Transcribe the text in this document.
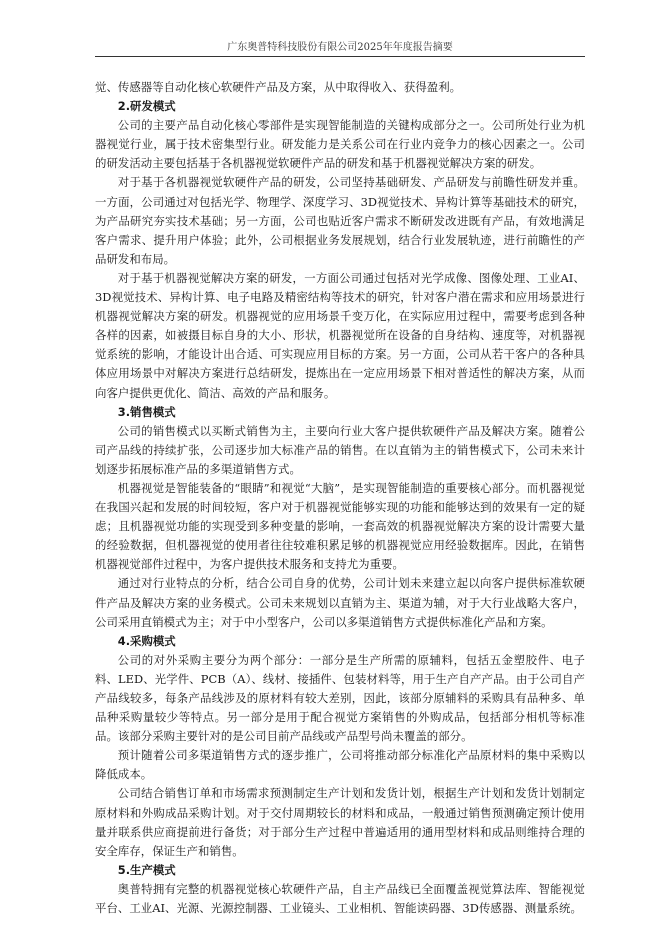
广东奥普特科技股份有限公司2025年年度报告摘要

觉、传感器等自动化核心软硬件产品及方案，从中取得收入、获得盈利。

2.研发模式

公司的主要产品自动化核心零部件是实现智能制造的关键构成部分之一。公司所处行业为机器视觉行业，属于技术密集型行业。研发能力是关系公司在行业内竞争力的核心因素之一。公司的研发活动主要包括基于各机器视觉软硬件产品的研发和基于机器视觉解决方案的研发。

对于基于各机器视觉软硬件产品的研发，公司坚持基础研发、产品研发与前瞻性研发并重。一方面，公司通过对包括光学、物理学、深度学习、3D视觉技术、异构计算等基础技术的研究，为产品研究夯实技术基础；另一方面，公司也贴近客户需求不断研发改进既有产品，有效地满足客户需求、提升用户体验；此外，公司根据业务发展规划，结合行业发展轨迹，进行前瞻性的产品研发和布局。

对于基于机器视觉解决方案的研发，一方面公司通过包括对光学成像、图像处理、工业AI、3D视觉技术、异构计算、电子电路及精密结构等技术的研究，针对客户潜在需求和应用场景进行机器视觉解决方案的研发。机器视觉的应用场景千变万化，在实际应用过程中，需要考虑到各种各样的因素，如被摄目标自身的大小、形状，机器视觉所在设备的自身结构、速度等，对机器视觉系统的影响，才能设计出合适、可实现应用目标的方案。另一方面，公司从若干客户的各种具体应用场景中对解决方案进行总结研发，提炼出在一定应用场景下相对普适性的解决方案，从而向客户提供更优化、简洁、高效的产品和服务。

3.销售模式

公司的销售模式以买断式销售为主，主要向行业大客户提供软硬件产品及解决方案。随着公司产品线的持续扩张，公司逐步加大标准产品的销售。在以直销为主的销售模式下，公司未来计划逐步拓展标准产品的多渠道销售方式。

机器视觉是智能装备的“眼睛”和视觉“大脑”，是实现智能制造的重要核心部分。而机器视觉在我国兴起和发展的时间较短，客户对于机器视觉能够实现的功能和能够达到的效果有一定的疑虑；且机器视觉功能的实现受到多种变量的影响，一套高效的机器视觉解决方案的设计需要大量的经验数据，但机器视觉的使用者往往较难积累足够的机器视觉应用经验数据库。因此，在销售机器视觉部件过程中，为客户提供技术服务和支持尤为重要。

通过对行业特点的分析，结合公司自身的优势，公司计划未来建立起以向客户提供标准软硬件产品及解决方案的业务模式。公司未来规划以直销为主、渠道为辅，对于大行业战略大客户，公司采用直销模式为主；对于中小型客户，公司以多渠道销售方式提供标准化产品和方案。

4.采购模式

公司的对外采购主要分为两个部分：一部分是生产所需的原辅料，包括五金塑胶件、电子料、LED、光学件、PCB（A）、线材、接插件、包装材料等，用于生产自产产品。由于公司自产产品线较多，每条产品线涉及的原材料有较大差别，因此，该部分原辅料的采购具有品种多、单品种采购量较少等特点。另一部分是用于配合视觉方案销售的外购成品，包括部分相机等标准品。该部分采购主要针对的是公司目前产品线或产品型号尚未覆盖的部分。

预计随着公司多渠道销售方式的逐步推广，公司将推动部分标准化产品原材料的集中采购以降低成本。

公司结合销售订单和市场需求预测制定生产计划和发货计划，根据生产计划和发货计划制定原材料和外购成品采购计划。对于交付周期较长的材料和成品，一般通过销售预测确定预计使用量并联系供应商提前进行备货；对于部分生产过程中普遍适用的通用型材料和成品则维持合理的安全库存，保证生产和销售。

5.生产模式

奥普特拥有完整的机器视觉核心软硬件产品，自主产品线已全面覆盖视觉算法库、智能视觉平台、工业AI、光源、光源控制器、工业镜头、工业相机、智能读码器、3D传感器、测量系统。
